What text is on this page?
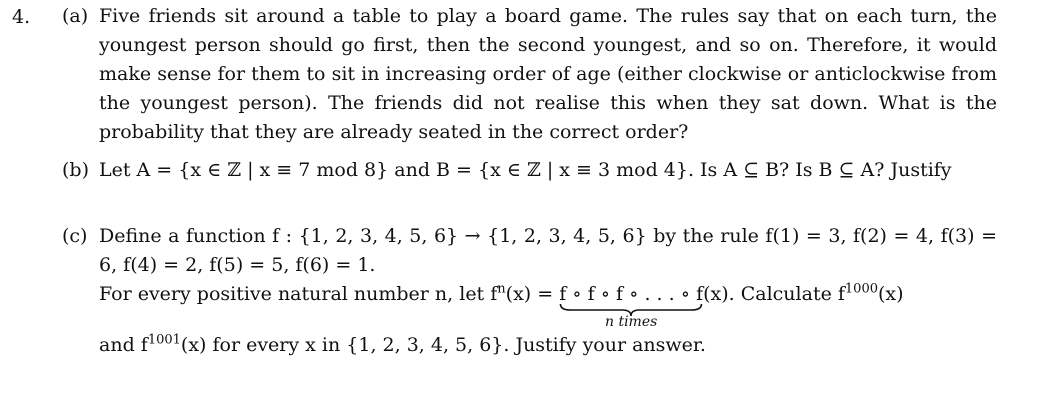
4. (a) Five friends sit around a table to play a board game. The rules say that on each turn, the youngest person should go first, then the second youngest, and so on. Therefore, it would make sense for them to sit in increasing order of age (either clockwise or anticlockwise from the youngest person). The friends did not realise this when they sat down. What is the probability that they are already seated in the correct order?

(b) Let A = {x ∈ ℤ | x ≡ 7 mod 8} and B = {x ∈ ℤ | x ≡ 3 mod 4}. Is A ⊆ B? Is B ⊆ A? Justify

(c) Define a function f : {1, 2, 3, 4, 5, 6} → {1, 2, 3, 4, 5, 6} by the rule f(1) = 3, f(2) = 4, f(3) = 6, f(4) = 2, f(5) = 5, f(6) = 1.

For every positive natural number n, let $f^n(x) = f$ ∘ f ∘ f ∘ . . . ∘ f
n times
(x). Calculate $f^{1000}(x)$

and $f^{1001}(x)$ for every x in {1, 2, 3, 4, 5, 6}. Justify your answer.
